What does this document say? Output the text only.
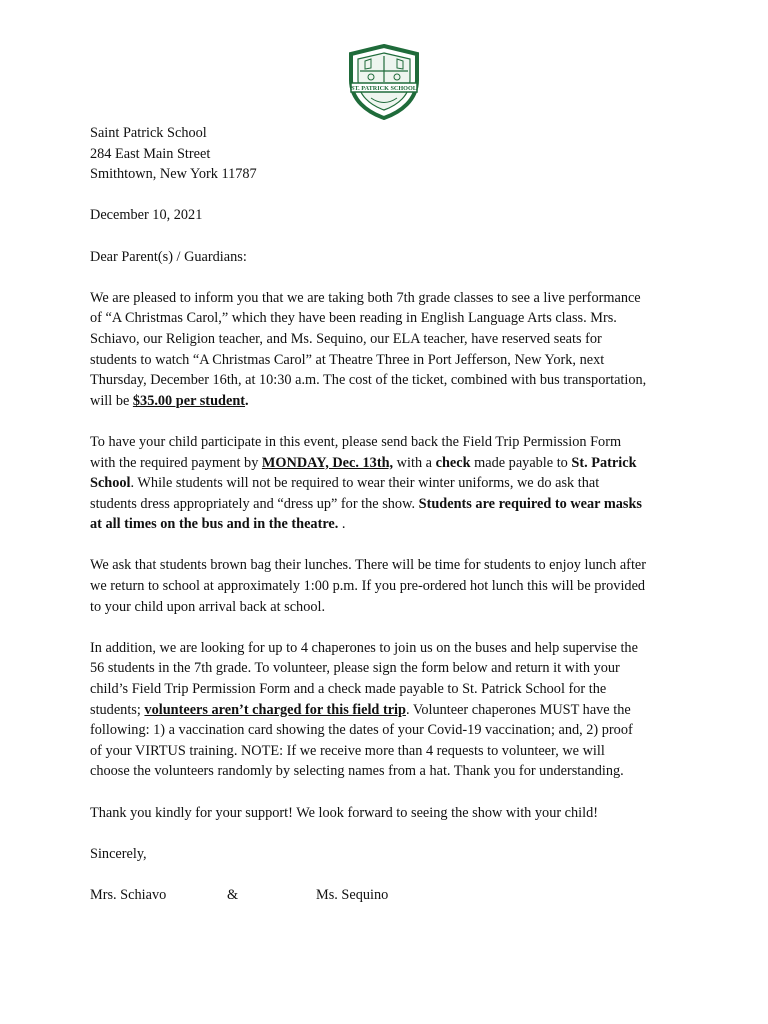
ST. PATRICK SCHOOL

Saint Patrick School

284 East Main Street

Smithtown, New York 11787

December 10, 2021

Dear Parent(s) / Guardians:

We are pleased to inform you that we are taking both 7th grade classes to see a live performance
of “A Christmas Carol,” which they have been reading in English Language Arts class. Mrs.
Schiavo, our Religion teacher, and Ms. Sequino, our ELA teacher, have reserved seats for
students to watch “A Christmas Carol” at Theatre Three in Port Jefferson, New York, next
Thursday, December 16th, at 10:30 a.m. The cost of the ticket, combined with bus transportation,
will be $35.00 per student.
To have your child participate in this event, please send back the Field Trip Permission Form
with the required payment by MONDAY, Dec. 13th, with a check made payable to St. Patrick
School. While students will not be required to wear their winter uniforms, we do ask that
students dress appropriately and “dress up” for the show. Students are required to wear masks
at all times on the bus and in the theatre. .
We ask that students brown bag their lunches. There will be time for students to enjoy lunch after
we return to school at approximately 1:00 p.m. If you pre-ordered hot lunch this will be provided
to your child upon arrival back at school.
In addition, we are looking for up to 4 chaperones to join us on the buses and help supervise the
56 students in the 7th grade. To volunteer, please sign the form below and return it with your
child’s Field Trip Permission Form and a check made payable to St. Patrick School for the
students; volunteers aren’t charged for this field trip. Volunteer chaperones MUST have the
following: 1) a vaccination card showing the dates of your Covid-19 vaccination; and, 2) proof
of your VIRTUS training. NOTE: If we receive more than 4 requests to volunteer, we will
choose the volunteers randomly by selecting names from a hat. Thank you for understanding.

Thank you kindly for your support! We look forward to seeing the show with your child!

Sincerely,

Mrs. Schiavo	&	Ms. Sequino
